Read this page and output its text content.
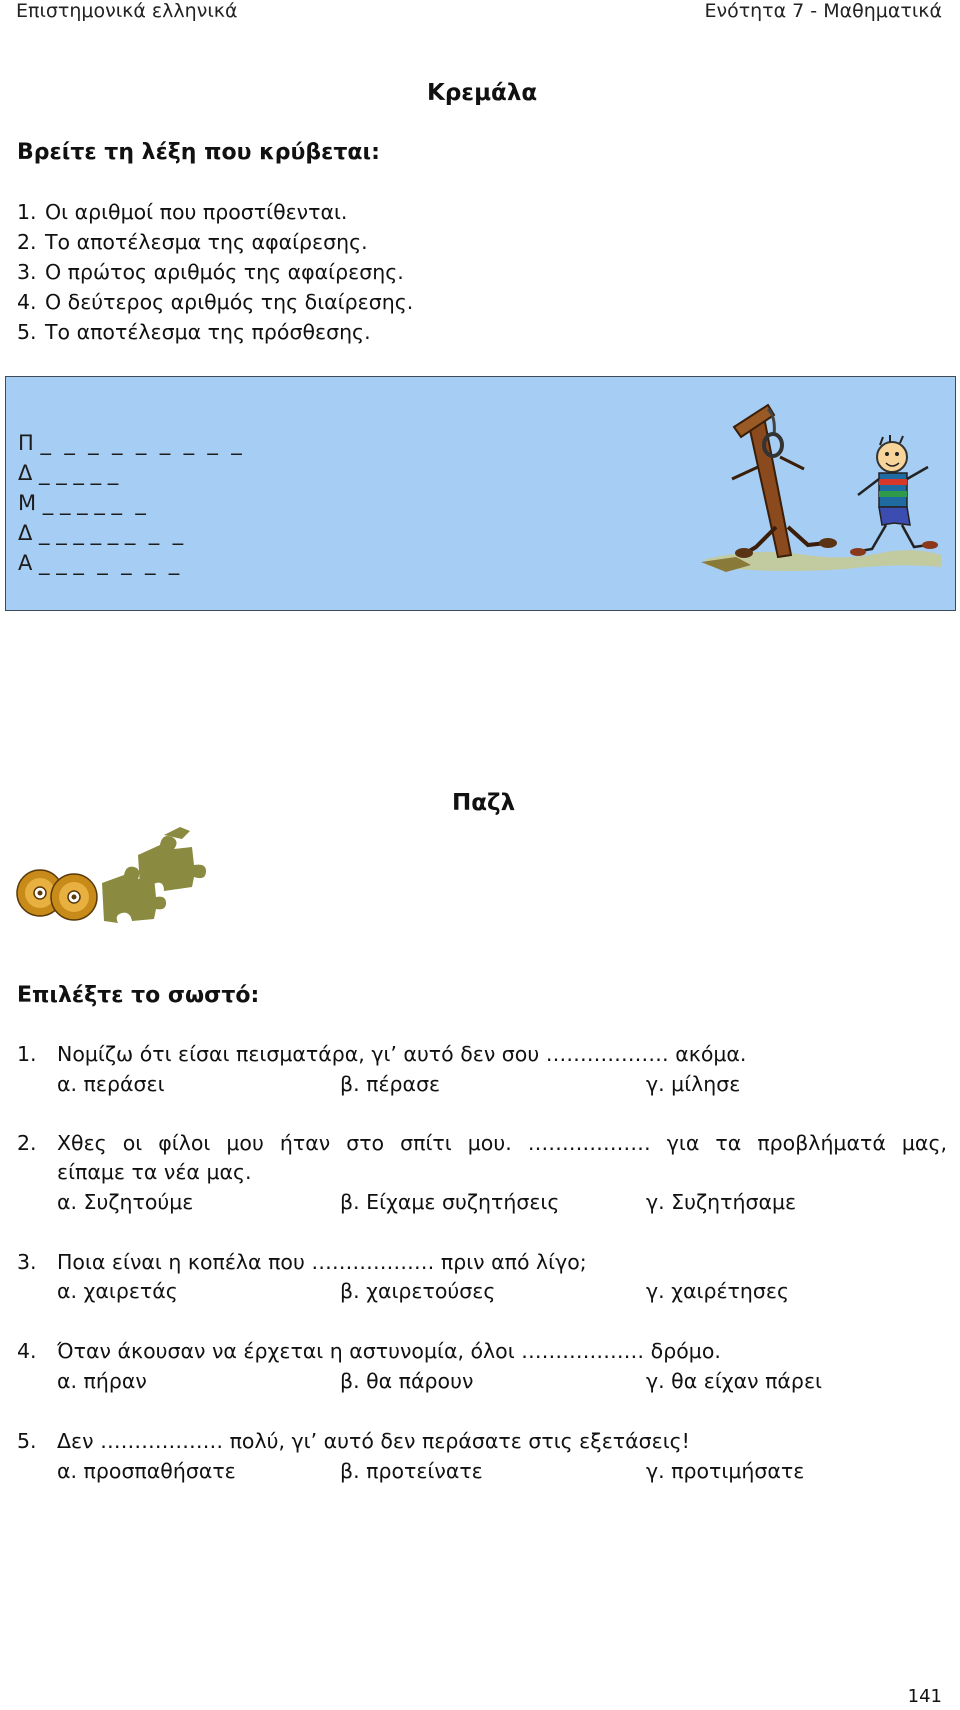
Επιστημονικά ελληνικά	Ενότητα 7 - Μαθηματικά
Κρεμάλα
Βρείτε τη λέξη που κρύβεται:
1. Οι αριθμοί που προστίθενται.
2. Το αποτέλεσμα της αφαίρεσης.
3. Ο πρώτος αριθμός της αφαίρεσης.
4. Ο δεύτερος αριθμός της διαίρεσης.
5. Το αποτέλεσμα της πρόσθεσης.
Π _  _  _  _  _  _  _  _  _
Δ _ _ _ _ _
Μ _ _ _ _ _  _
Δ _ _ _ _ _ _  _  _
Α _ _ _  _  _  _  _
Παζλ
Επιλέξτε το σωστό:
1. Νομίζω ότι είσαι πεισματάρα, γι’ αυτό δεν σου ……………… ακόμα.
α. περάσει	β. πέρασε	γ. μίλησε
2. Χθες οι φίλοι μου ήταν στο σπίτι μου. ……………… για τα προβλήματά μας,
είπαμε τα νέα μας.
α. Συζητούμε	β. Είχαμε συζητήσεις	γ. Συζητήσαμε
3. Ποια είναι η κοπέλα που ……………… πριν από λίγο;
α. χαιρετάς	β. χαιρετούσες	γ. χαιρέτησες
4. Όταν άκουσαν να έρχεται η αστυνομία, όλοι ……………… δρόμο.
α. πήραν	β. θα πάρουν	γ. θα είχαν πάρει
5. Δεν ……………… πολύ, γι’ αυτό δεν περάσατε στις εξετάσεις!
α. προσπαθήσατε	β. προτείνατε	γ. προτιμήσατε
141
